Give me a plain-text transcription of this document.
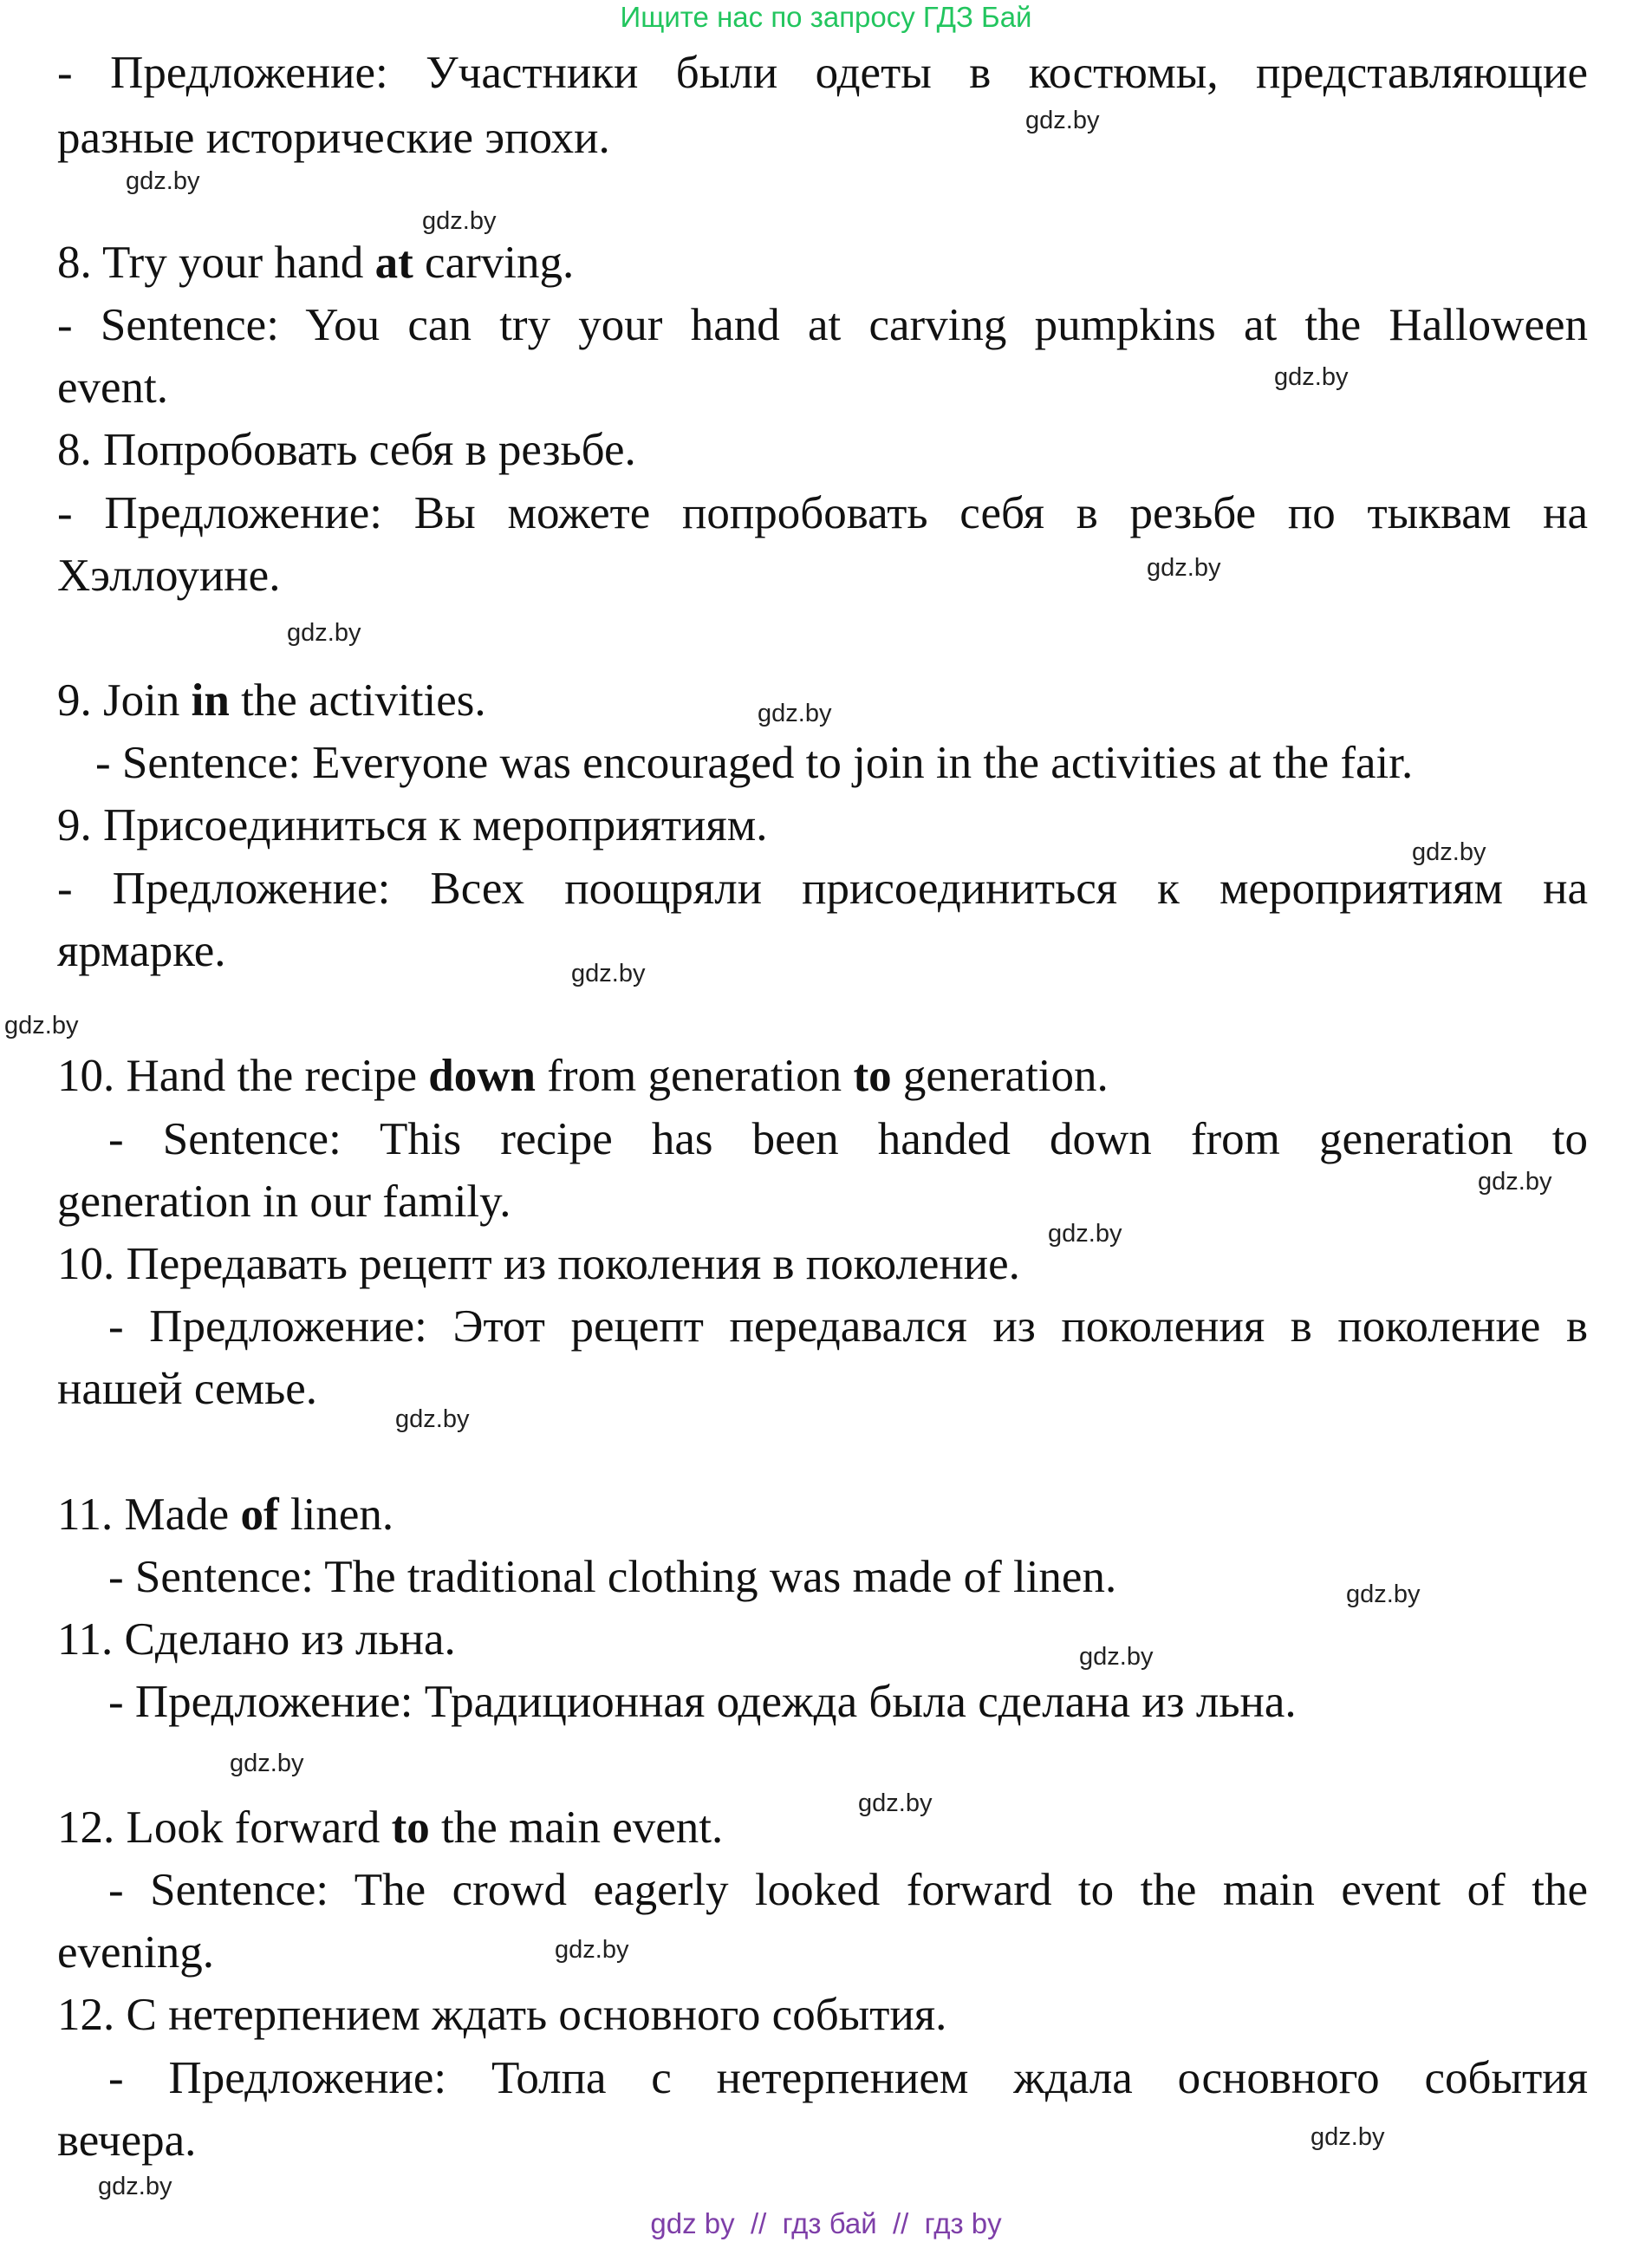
Ищите нас по запросу ГДЗ Бай
- Предложение: Участники были одеты в костюмы, представляющие
разные исторические эпохи.
8. Try your hand at carving.
- Sentence: You can try your hand at carving pumpkins at the Halloween
event.
8. Попробовать себя в резьбе.
- Предложение: Вы можете попробовать себя в резьбе по тыквам на
Хэллоуине.
9. Join in the activities.
- Sentence: Everyone was encouraged to join in the activities at the fair.
9. Присоединиться к мероприятиям.
- Предложение: Всех поощряли присоединиться к мероприятиям на
ярмарке.
10. Hand the recipe down from generation to generation.
- Sentence: This recipe has been handed down from generation to
generation in our family.
10. Передавать рецепт из поколения в поколение.
- Предложение: Этот рецепт передавался из поколения в поколение в
нашей семье.
11. Made of linen.
- Sentence: The traditional clothing was made of linen.
11. Сделано из льна.
- Предложение: Традиционная одежда была сделана из льна.
12. Look forward to the main event.
- Sentence: The crowd eagerly looked forward to the main event of the
evening.
12. С нетерпением ждать основного события.
- Предложение: Толпа с нетерпением ждала основного события
вечера.
gdz.by
gdz.by
gdz.by
gdz.by
gdz.by
gdz.by
gdz.by
gdz.by
gdz.by
gdz.by
gdz.by
gdz.by
gdz.by
gdz.by
gdz.by
gdz.by
gdz.by
gdz.by
gdz.by
gdz.by
gdz by  //  гдз бай  //  гдз by
